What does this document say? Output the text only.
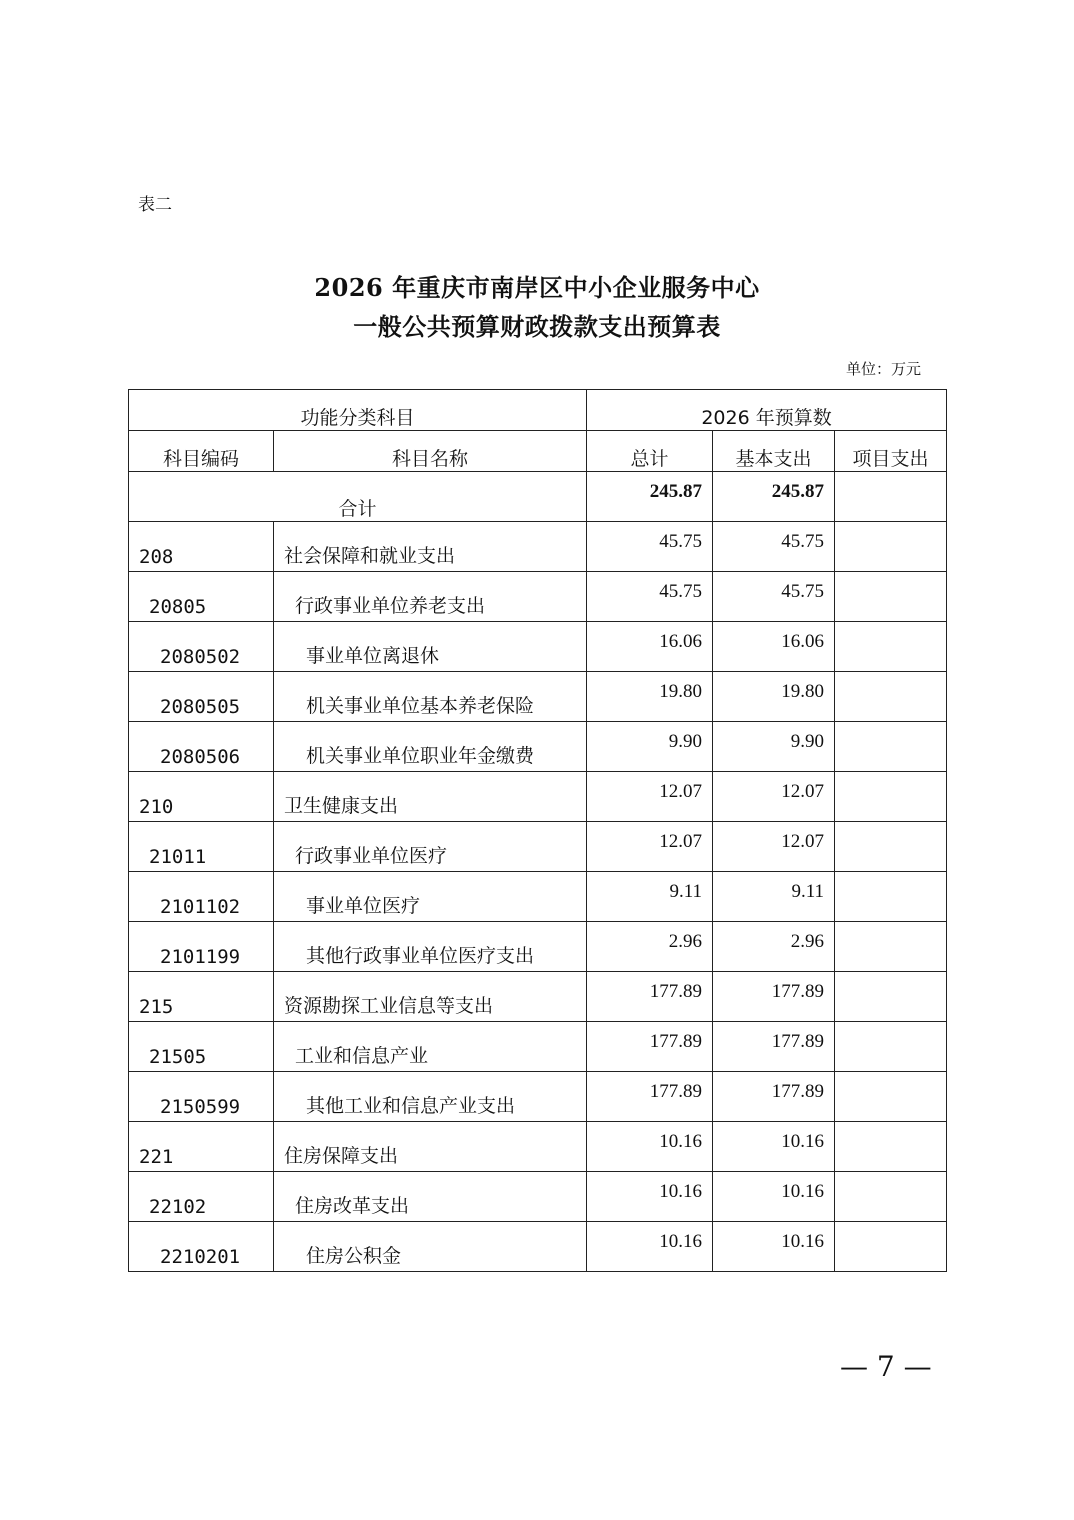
表二
2026 年重庆市南岸区中小企业服务中心
一般公共预算财政拨款支出预算表
单位：万元
功能分类科目		2026 年预算数		
科目编码	科目名称	总计	基本支出	项目支出
合计		245.87	245.87	
208	社会保障和就业支出	45.75	45.75	
20805	行政事业单位养老支出	45.75	45.75	
2080502	事业单位离退休	16.06	16.06	
2080505	机关事业单位基本养老保险	19.80	19.80	
2080506	机关事业单位职业年金缴费	9.90	9.90	
210	卫生健康支出	12.07	12.07	
21011	行政事业单位医疗	12.07	12.07	
2101102	事业单位医疗	9.11	9.11	
2101199	其他行政事业单位医疗支出	2.96	2.96	
215	资源勘探工业信息等支出	177.89	177.89	
21505	工业和信息产业	177.89	177.89	
2150599	其他工业和信息产业支出	177.89	177.89	
221	住房保障支出	10.16	10.16	
22102	住房改革支出	10.16	10.16	
2210201	住房公积金	10.16	10.16	
— 7 —
